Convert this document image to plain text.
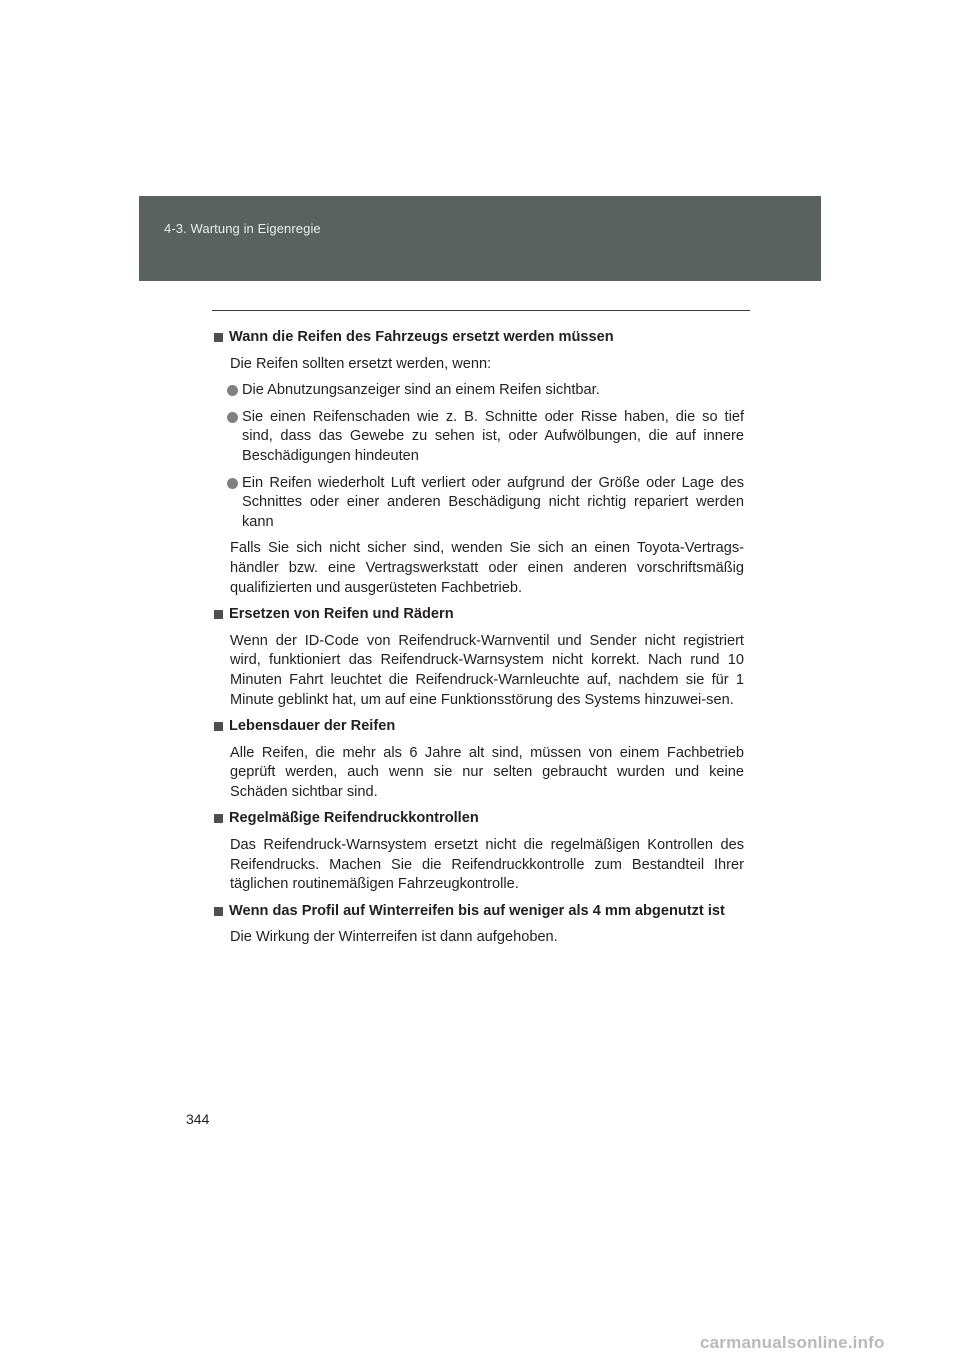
4-3. Wartung in Eigenregie
Wann die Reifen des Fahrzeugs ersetzt werden müssen
Die Reifen sollten ersetzt werden, wenn:
Die Abnutzungsanzeiger sind an einem Reifen sichtbar.
Sie einen Reifenschaden wie z. B. Schnitte oder Risse haben, die so tief sind, dass das Gewebe zu sehen ist, oder Aufwölbungen, die auf innere Beschädigungen hindeuten
Ein Reifen wiederholt Luft verliert oder aufgrund der Größe oder Lage des Schnittes oder einer anderen Beschädigung nicht richtig repariert werden kann
Falls Sie sich nicht sicher sind, wenden Sie sich an einen Toyota-Vertrags-händler bzw. eine Vertragswerkstatt oder einen anderen vorschriftsmäßig qualifizierten und ausgerüsteten Fachbetrieb.
Ersetzen von Reifen und Rädern
Wenn der ID-Code von Reifendruck-Warnventil und Sender nicht registriert wird, funktioniert das Reifendruck-Warnsystem nicht korrekt. Nach rund 10 Minuten Fahrt leuchtet die Reifendruck-Warnleuchte auf, nachdem sie für 1 Minute geblinkt hat, um auf eine Funktionsstörung des Systems hinzuwei-sen.
Lebensdauer der Reifen
Alle Reifen, die mehr als 6 Jahre alt sind, müssen von einem Fachbetrieb geprüft werden, auch wenn sie nur selten gebraucht wurden und keine Schäden sichtbar sind.
Regelmäßige Reifendruckkontrollen
Das Reifendruck-Warnsystem ersetzt nicht die regelmäßigen Kontrollen des Reifendrucks. Machen Sie die Reifendruckkontrolle zum Bestandteil Ihrer täglichen routinemäßigen Fahrzeugkontrolle.
Wenn das Profil auf Winterreifen bis auf weniger als 4 mm abgenutzt ist
Die Wirkung der Winterreifen ist dann aufgehoben.
344
carmanualsonline.info
